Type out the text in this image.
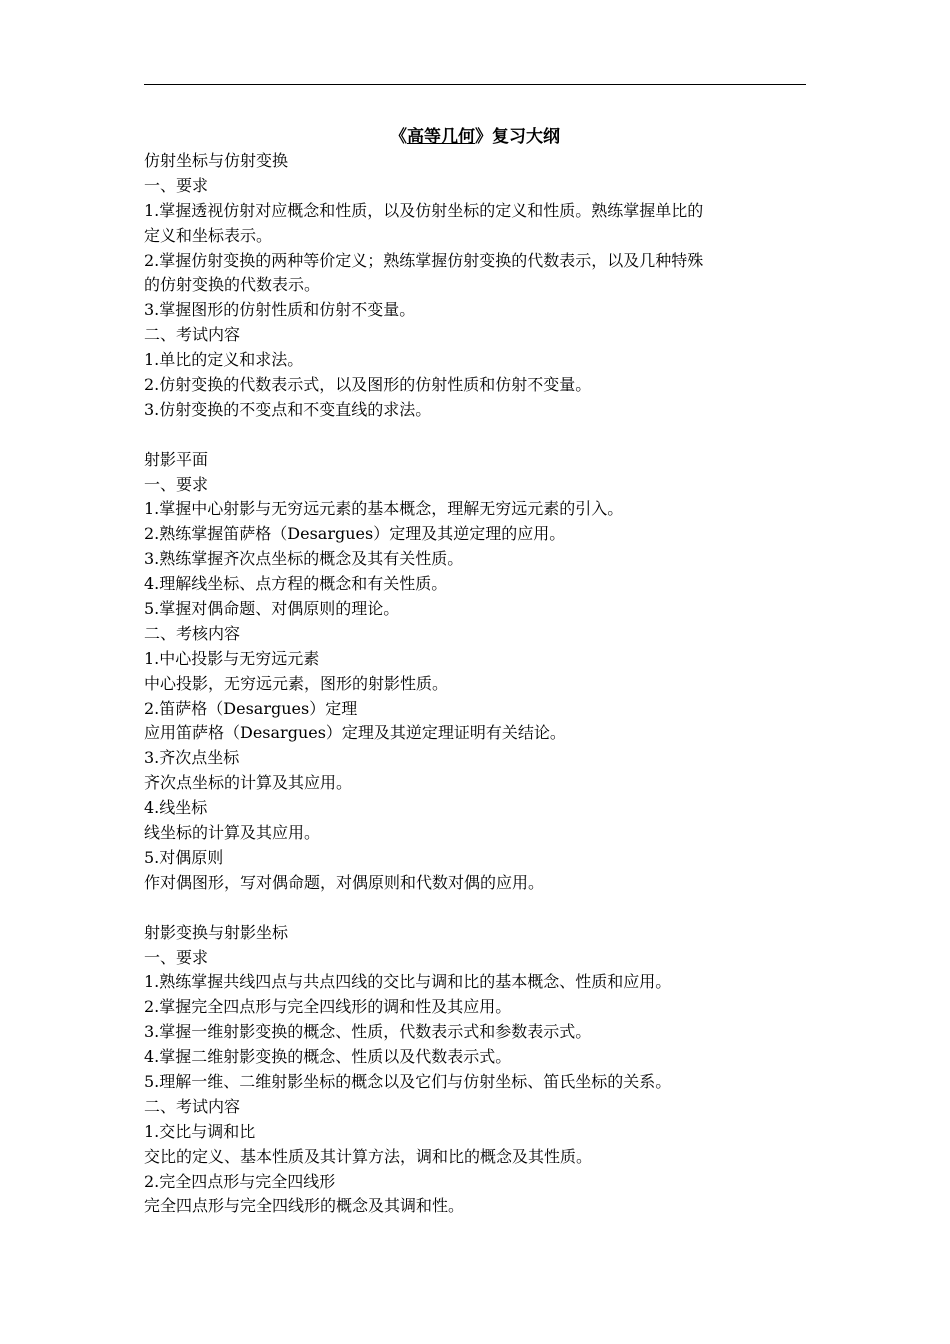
《高等几何》复习大纲
仿射坐标与仿射变换
一、要求
1.掌握透视仿射对应概念和性质，以及仿射坐标的定义和性质。熟练掌握单比的
定义和坐标表示。
2.掌握仿射变换的两种等价定义；熟练掌握仿射变换的代数表示，以及几种特殊
的仿射变换的代数表示。
3.掌握图形的仿射性质和仿射不变量。
二、考试内容
1.单比的定义和求法。
2.仿射变换的代数表示式，以及图形的仿射性质和仿射不变量。
3.仿射变换的不变点和不变直线的求法。
射影平面
一、要求
1.掌握中心射影与无穷远元素的基本概念，理解无穷远元素的引入。
2.熟练掌握笛萨格（Desargues）定理及其逆定理的应用。
3.熟练掌握齐次点坐标的概念及其有关性质。
4.理解线坐标、点方程的概念和有关性质。
5.掌握对偶命题、对偶原则的理论。
二、考核内容
1.中心投影与无穷远元素
中心投影，无穷远元素，图形的射影性质。
2.笛萨格（Desargues）定理
应用笛萨格（Desargues）定理及其逆定理证明有关结论。
3.齐次点坐标
齐次点坐标的计算及其应用。
4.线坐标
线坐标的计算及其应用。
5.对偶原则
作对偶图形，写对偶命题，对偶原则和代数对偶的应用。
射影变换与射影坐标
一、要求
1.熟练掌握共线四点与共点四线的交比与调和比的基本概念、性质和应用。
2.掌握完全四点形与完全四线形的调和性及其应用。
3.掌握一维射影变换的概念、性质，代数表示式和参数表示式。
4.掌握二维射影变换的概念、性质以及代数表示式。
5.理解一维、二维射影坐标的概念以及它们与仿射坐标、笛氏坐标的关系。
二、考试内容
1.交比与调和比
交比的定义、基本性质及其计算方法，调和比的概念及其性质。
2.完全四点形与完全四线形
完全四点形与完全四线形的概念及其调和性。
